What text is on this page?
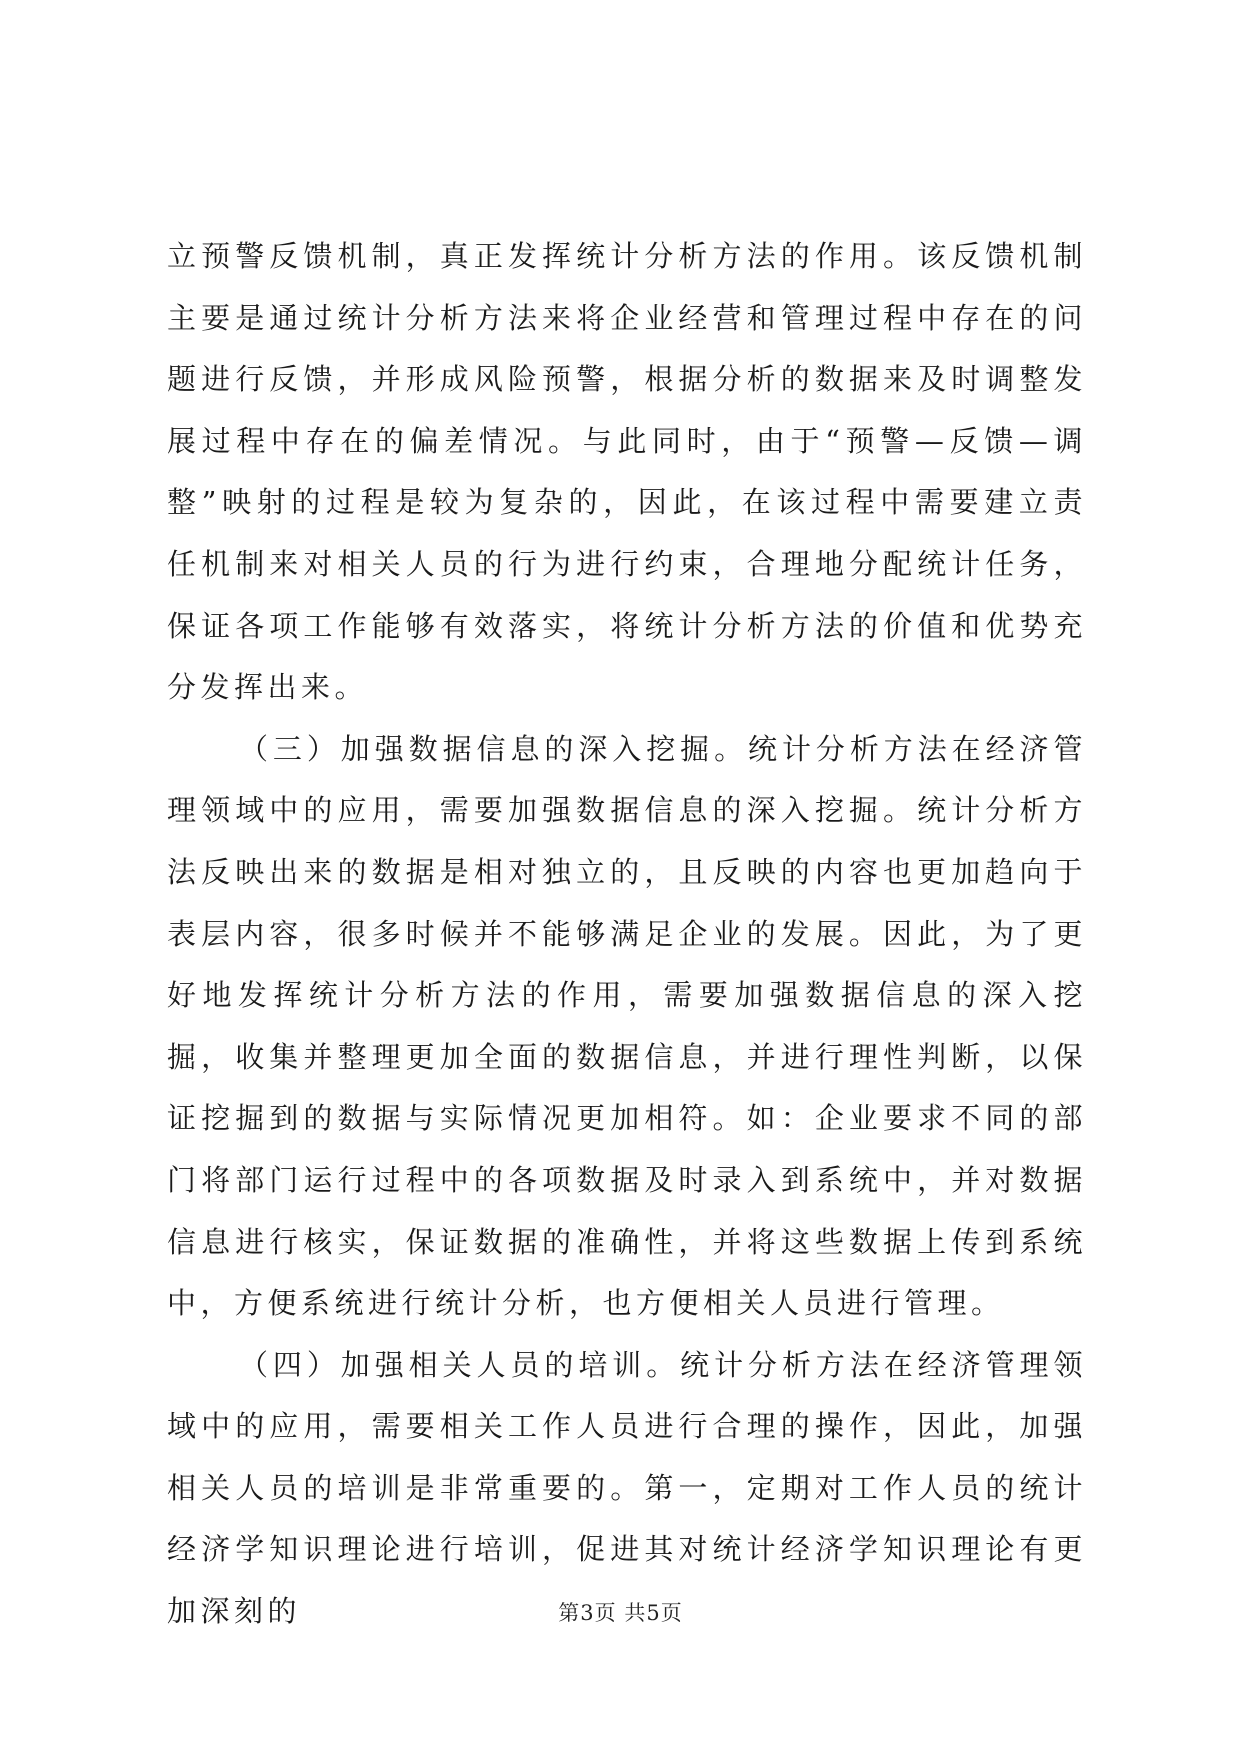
立预警反馈机制，真正发挥统计分析方法的作用。该反馈机制主要是通过统计分析方法来将企业经营和管理过程中存在的问题进行反馈，并形成风险预警，根据分析的数据来及时调整发展过程中存在的偏差情况。与此同时，由于“预警—反馈—调整”映射的过程是较为复杂的，因此，在该过程中需要建立责任机制来对相关人员的行为进行约束，合理地分配统计任务，保证各项工作能够有效落实，将统计分析方法的价值和优势充分发挥出来。

（三）加强数据信息的深入挖掘。统计分析方法在经济管理领域中的应用，需要加强数据信息的深入挖掘。统计分析方法反映出来的数据是相对独立的，且反映的内容也更加趋向于表层内容，很多时候并不能够满足企业的发展。因此，为了更好地发挥统计分析方法的作用，需要加强数据信息的深入挖掘，收集并整理更加全面的数据信息，并进行理性判断，以保证挖掘到的数据与实际情况更加相符。如：企业要求不同的部门将部门运行过程中的各项数据及时录入到系统中，并对数据信息进行核实，保证数据的准确性，并将这些数据上传到系统中，方便系统进行统计分析，也方便相关人员进行管理。

（四）加强相关人员的培训。统计分析方法在经济管理领域中的应用，需要相关工作人员进行合理的操作，因此，加强相关人员的培训是非常重要的。第一，定期对工作人员的统计经济学知识理论进行培训，促进其对统计经济学知识理论有更加深刻的	第3页 共5页
